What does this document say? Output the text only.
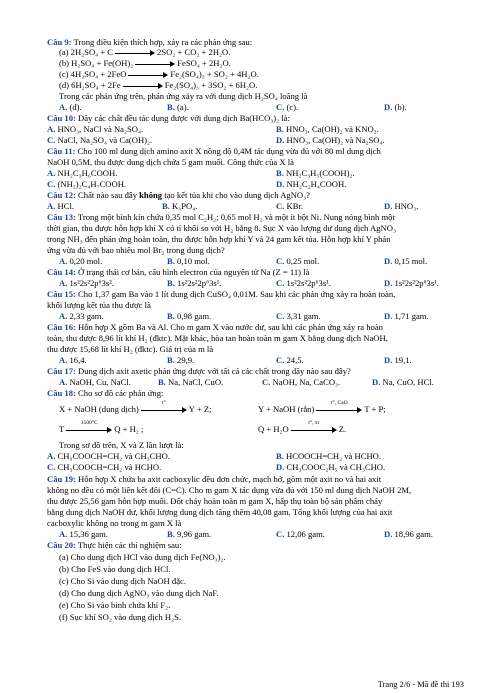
Câu 9: Trong điều kiện thích hợp, xảy ra các phản ứng sau:
(a) 2H₂SO₄ + C	2SO₂ + CO₂ + 2H₂O.
(b) H₂SO₄ + Fe(OH)₂	FeSO₄ + 2H₂O.
(c) 4H₂SO₄ + 2FeO	Fe₂(SO₄)₃ + SO₂ + 4H₂O.
(d) 6H₂SO₄ + 2Fe	Fe₂(SO₄)₃ + 3SO₂ + 6H₂O.
Trong các phản ứng trên, phản ứng xảy ra với dung dịch H₂SO₄ loãng là
A. (d).	B. (a).	C. (c).	D. (b).
Câu 10: Dãy các chất đều tác dụng được với dung dịch Ba(HCO₃)₂ là:
A. HNO₃, NaCl và Na₂SO₄.	B. HNO₃, Ca(OH)₂ và KNO₃.
C. NaCl, Na₂SO₄ và Ca(OH)₂.	D. HNO₃, Ca(OH)₂ và Na₂SO₄.
Câu 11: Cho 100 ml dung dịch amino axit X nồng độ 0,4M tác dụng vừa đủ với 80 ml dung dịch
NaOH 0,5M, thu được dung dịch chứa 5 gam muối. Công thức của X là
A. NH₂C₃H₆COOH.	B. NH₂C₃H₅(COOH)₂.
C. (NH₂)₂C₄H₇COOH.	D. NH₂C₂H₄COOH.
Câu 12: Chất nào sau đây không tạo kết tủa khi cho vào dung dịch AgNO₃?
A. HCl.	B. K₃PO₄.	C. KBr.	D. HNO₃.
Câu 13: Trong một bình kín chứa 0,35 mol C₂H₂; 0,65 mol H₂ và một ít bột Ni. Nung nóng bình một
thời gian, thu được hỗn hợp khí X có tỉ khối so với H₂ bằng 8. Sục X vào lượng dư dung dịch AgNO₃
trong NH₃ đến phản ứng hoàn toàn, thu được hỗn hợp khí Y và 24 gam kết tủa. Hỗn hợp khí Y phản
ứng vừa đủ với bao nhiêu mol Br₂ trong dung dịch?
A. 0,20 mol.	B. 0,10 mol.	C. 0,25 mol.	D. 0,15 mol.
Câu 14: Ở trạng thái cơ bản, cấu hình electron của nguyên tử Na (Z = 11) là
A. 1s²2s²2p⁶3s².	B. 1s²2s²2p⁶3s¹.	C. 1s²2s²2p⁶3s¹.	D. 1s²2s²2p⁶3s¹.
Câu 15: Cho 1,37 gam Ba vào 1 lít dung dịch CuSO₄ 0,01M. Sau khi các phản ứng xảy ra hoàn toàn,
khối lượng kết tủa thu được là
A. 2,33 gam.	B. 0,98 gam.	C. 3,31 gam.	D. 1,71 gam.
Câu 16: Hỗn hợp X gồm Ba và Al. Cho m gam X vào nước dư, sau khi các phản ứng xảy ra hoàn
toàn, thu được 8,96 lít khí H₂ (đktc). Mặt khác, hòa tan hoàn toàn m gam X bằng dung dịch NaOH,
thu được 15,68 lít khí H₂ (đktc). Giá trị của m là
A. 16,4.	B. 29,9.	C. 24,5.	D. 19,1.
Câu 17: Dung dịch axit axetic phản ứng được với tất cả các chất trong dãy nào sau đây?
A. NaOH, Cu, NaCl.	B. Na, NaCl, CuO.	C. NaOH, Na, CaCO₃.	D. Na, CuO, HCl.
Câu 18: Cho sơ đồ các phản ứng:
X + NaOH (dung dịch)
t°
Y + Z;	Y + NaOH (rắn)
t°, CaO
T + P;
T
1500°C
Q + H₂ ;	Q + H₂O
t°, xt
Z.
Trong sơ đồ trên, X và Z lần lượt là:
A. CH₃COOCH=CH₂ và CH₃CHO.	B. HCOOCH=CH₂ và HCHO.
C. CH₃COOCH=CH₂ và HCHO.	D. CH₃COOC₂H₅ và CH₃CHO.
Câu 19: Hỗn hợp X chứa ba axit cacboxylic đều đơn chức, mạch hở, gồm một axit no và hai axit
không no đều có một liên kết đôi (C=C). Cho m gam X tác dụng vừa đủ với 150 ml dung dịch NaOH 2M,
thu được 25,56 gam hỗn hợp muối. Đốt cháy hoàn toàn m gam X, hấp thụ toàn bộ sản phẩm cháy
bằng dung dịch NaOH dư, khối lượng dung dịch tăng thêm 40,08 gam. Tổng khối lượng của hai axit
cacboxylic không no trong m gam X là
A. 15,36 gam.	B. 9,96 gam.	C. 12,06 gam.	D. 18,96 gam.
Câu 20: Thực hiện các thí nghiệm sau:
(a) Cho dung dịch HCl vào dung dịch Fe(NO₃)₂.
(b) Cho FeS vào dung dịch HCl.
(c) Cho Si vào dung dịch NaOH đặc.
(d) Cho dung dịch AgNO₃ vào dung dịch NaF.
(e) Cho Si vào bình chứa khí F₂.
(f) Sục khí SO₂ vào dung dịch H₂S.
Trang 2/6 - Mã đề thi 193
